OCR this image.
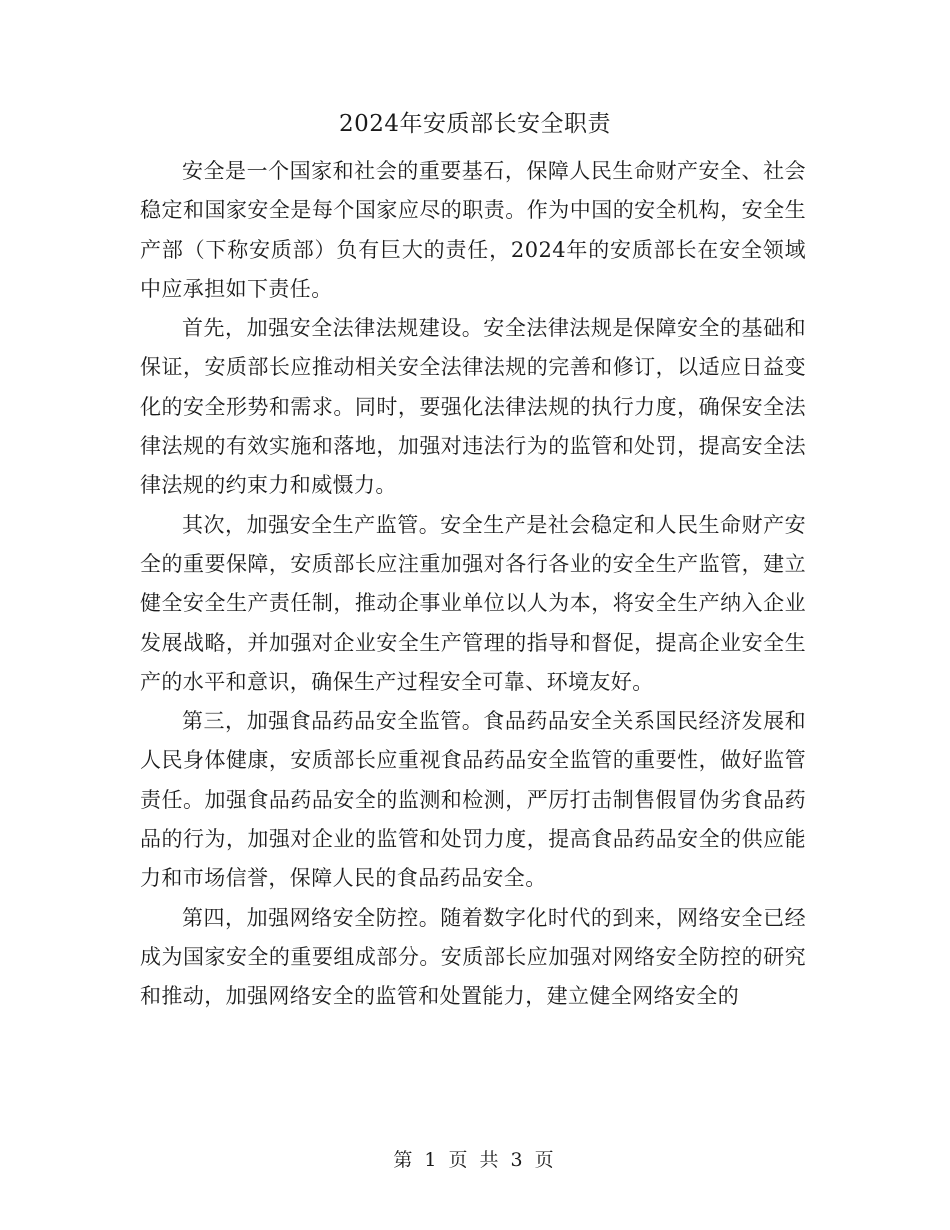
2024年安质部长安全职责

安全是一个国家和社会的重要基石，保障人民生命财产安全、社会稳定和国家安全是每个国家应尽的职责。作为中国的安全机构，安全生产部（下称安质部）负有巨大的责任，2024年的安质部长在安全领域中应承担如下责任。

首先，加强安全法律法规建设。安全法律法规是保障安全的基础和保证，安质部长应推动相关安全法律法规的完善和修订，以适应日益变化的安全形势和需求。同时，要强化法律法规的执行力度，确保安全法律法规的有效实施和落地，加强对违法行为的监管和处罚，提高安全法律法规的约束力和威慑力。

其次，加强安全生产监管。安全生产是社会稳定和人民生命财产安全的重要保障，安质部长应注重加强对各行各业的安全生产监管，建立健全安全生产责任制，推动企事业单位以人为本，将安全生产纳入企业发展战略，并加强对企业安全生产管理的指导和督促，提高企业安全生产的水平和意识，确保生产过程安全可靠、环境友好。

第三，加强食品药品安全监管。食品药品安全关系国民经济发展和人民身体健康，安质部长应重视食品药品安全监管的重要性，做好监管责任。加强食品药品安全的监测和检测，严厉打击制售假冒伪劣食品药品的行为，加强对企业的监管和处罚力度，提高食品药品安全的供应能力和市场信誉，保障人民的食品药品安全。

第四，加强网络安全防控。随着数字化时代的到来，网络安全已经成为国家安全的重要组成部分。安质部长应加强对网络安全防控的研究和推动，加强网络安全的监管和处置能力，建立健全网络安全的

第 1 页 共 3 页
